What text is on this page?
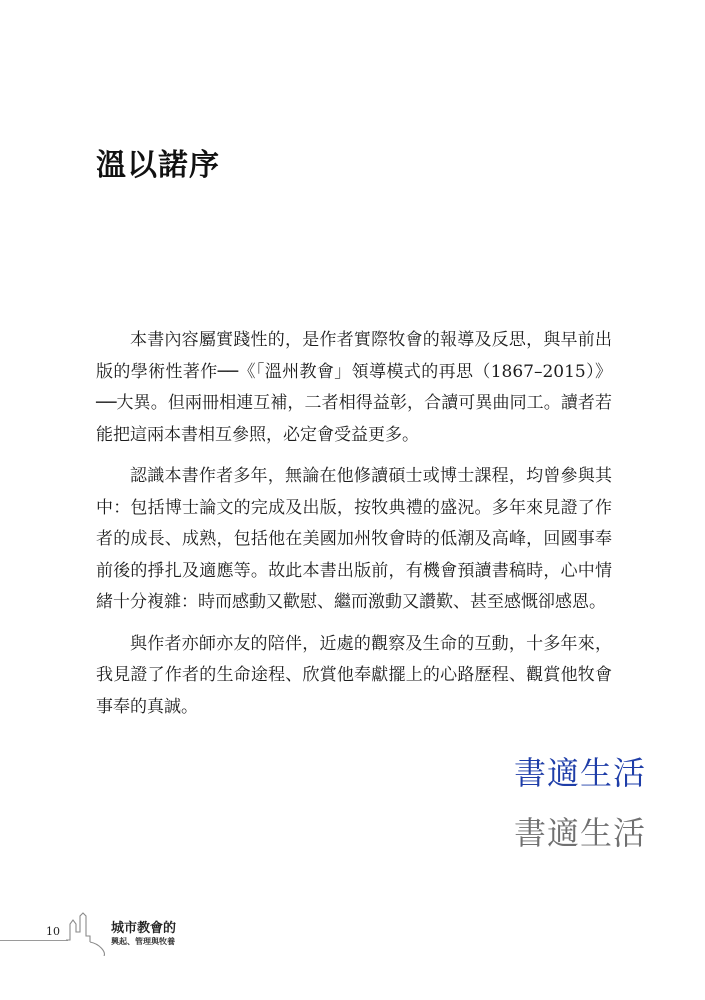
溫以諾序

本書內容屬實踐性的，是作者實際牧會的報導及反思，與早前出版的學術性著作──《「溫州教會」領導模式的再思（1867–2015）》──大異。但兩冊相連互補，二者相得益彰，合讀可異曲同工。讀者若能把這兩本書相互參照，必定會受益更多。

認識本書作者多年，無論在他修讀碩士或博士課程，均曾參與其中：包括博士論文的完成及出版，按牧典禮的盛況。多年來見證了作者的成長、成熟，包括他在美國加州牧會時的低潮及高峰，回國事奉前後的掙扎及適應等。故此本書出版前，有機會預讀書稿時，心中情緒十分複雜：時而感動又歡慰、繼而激動又讚歎、甚至感慨卻感恩。

與作者亦師亦友的陪伴，近處的觀察及生命的互動，十多年來，我見證了作者的生命途程、欣賞他奉獻擺上的心路歷程、觀賞他牧會事奉的真誠。

書適生活
書適生活
10	城市教會的
興起、管理與牧養
